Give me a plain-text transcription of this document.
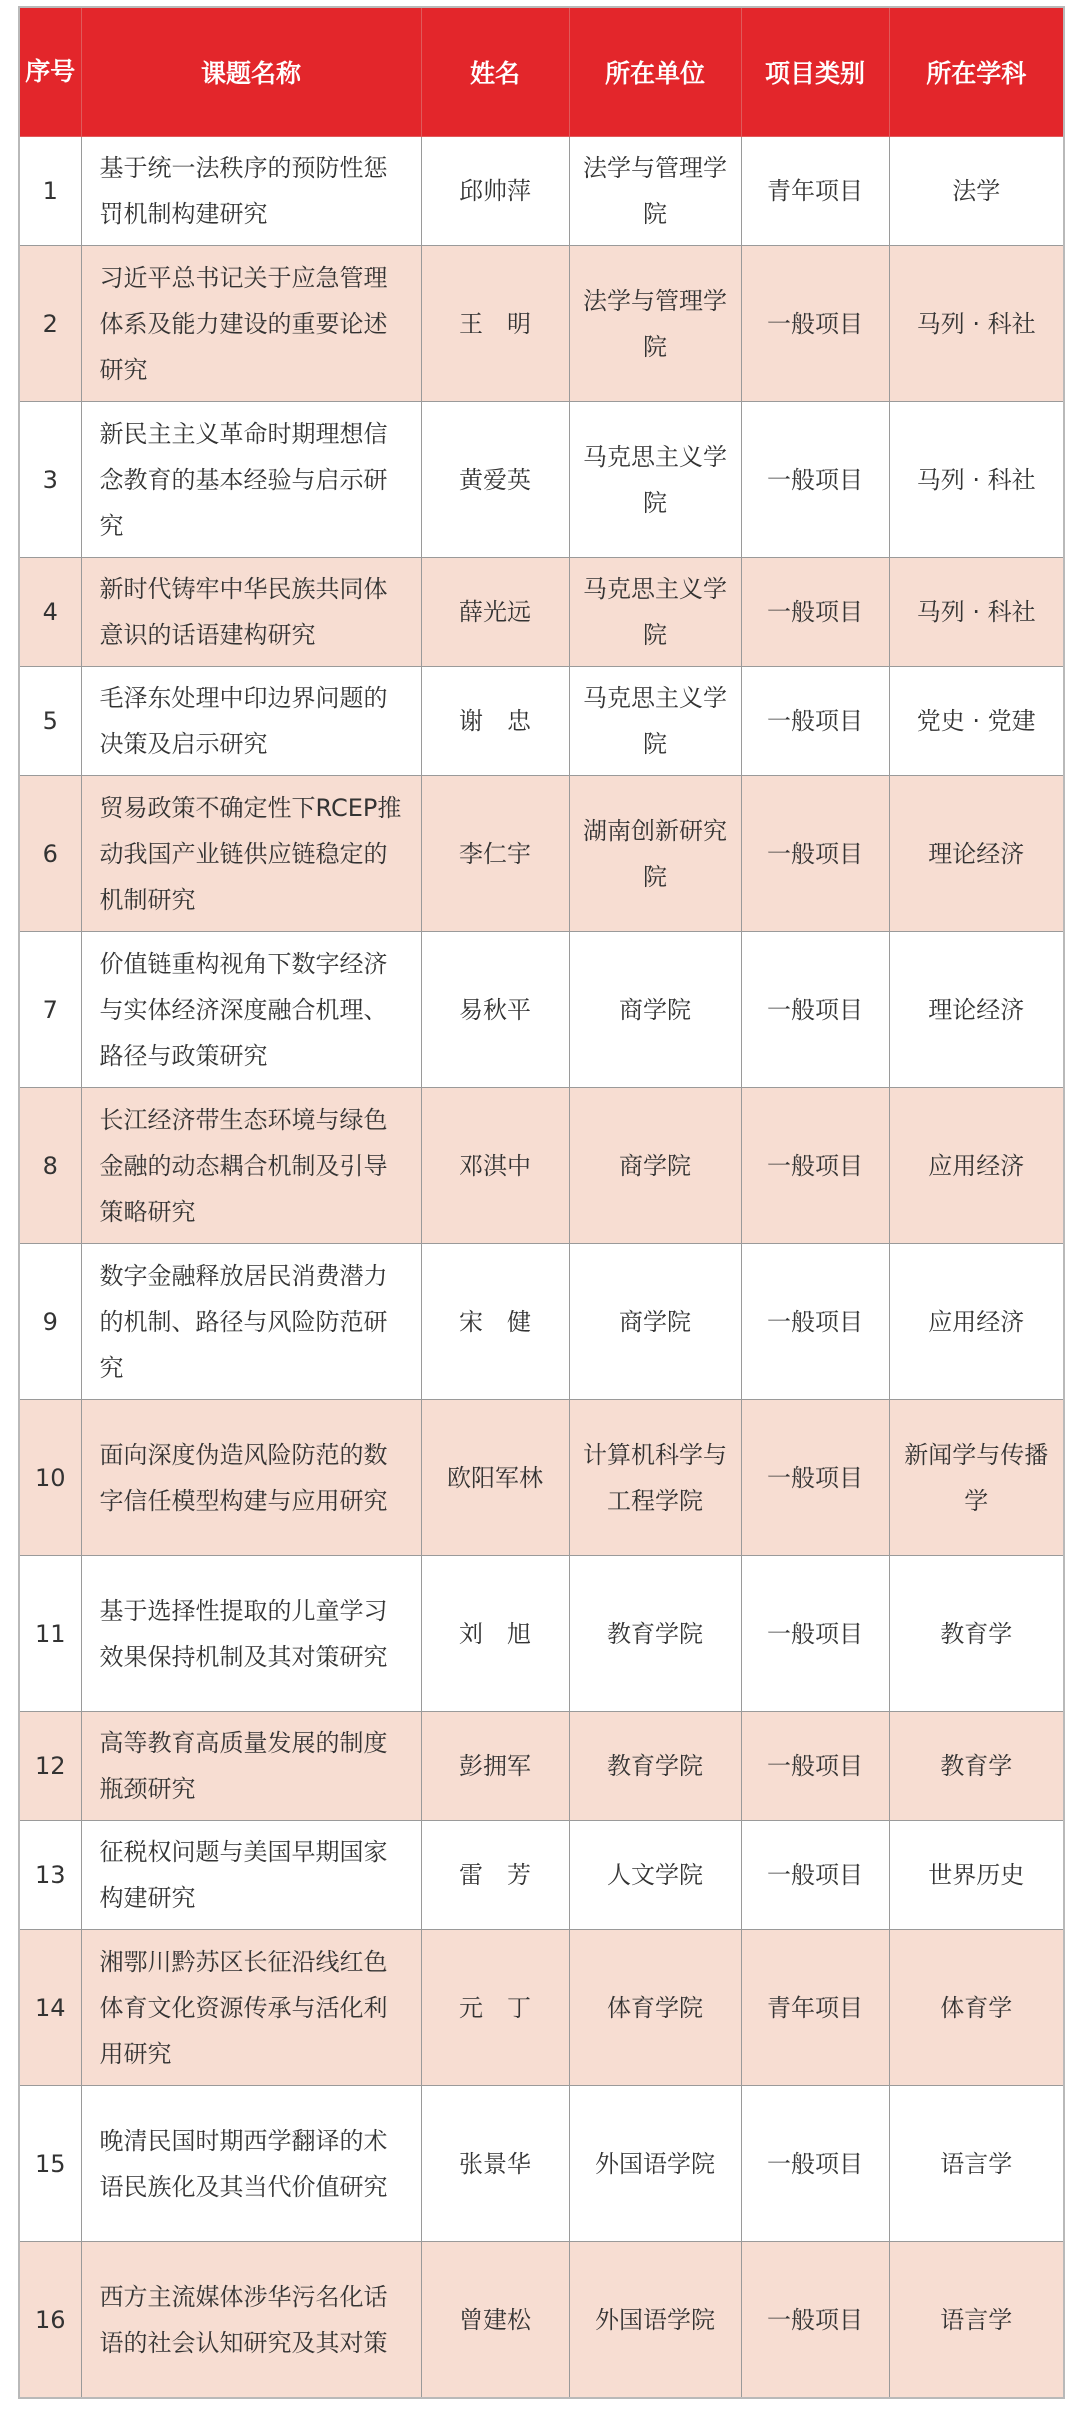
序号	课题名称	姓名	所在单位	项目类别	所在学科
1	基于统一法秩序的预防性惩罚机制构建研究	邱帅萍	法学与管理学院	青年项目	法学
2	习近平总书记关于应急管理体系及能力建设的重要论述研究	王　明	法学与管理学院	一般项目	马列 · 科社
3	新民主主义革命时期理想信念教育的基本经验与启示研究	黄爱英	马克思主义学院	一般项目	马列 · 科社
4	新时代铸牢中华民族共同体意识的话语建构研究	薛光远	马克思主义学院	一般项目	马列 · 科社
5	毛泽东处理中印边界问题的决策及启示研究	谢　忠	马克思主义学院	一般项目	党史 · 党建
6	贸易政策不确定性下RCEP推动我国产业链供应链稳定的机制研究	李仁宇	湖南创新研究院	一般项目	理论经济
7	价值链重构视角下数字经济与实体经济深度融合机理、路径与政策研究	易秋平	商学院	一般项目	理论经济
8	长江经济带生态环境与绿色金融的动态耦合机制及引导策略研究	邓淇中	商学院	一般项目	应用经济
9	数字金融释放居民消费潜力的机制、路径与风险防范研究	宋　健	商学院	一般项目	应用经济
10	面向深度伪造风险防范的数字信任模型构建与应用研究	欧阳军林	计算机科学与工程学院	一般项目	新闻学与传播学
11	基于选择性提取的儿童学习效果保持机制及其对策研究	刘　旭	教育学院	一般项目	教育学
12	高等教育高质量发展的制度瓶颈研究	彭拥军	教育学院	一般项目	教育学
13	征税权问题与美国早期国家构建研究	雷　芳	人文学院	一般项目	世界历史
14	湘鄂川黔苏区长征沿线红色体育文化资源传承与活化利用研究	元　丁	体育学院	青年项目	体育学
15	晚清民国时期西学翻译的术语民族化及其当代价值研究	张景华	外国语学院	一般项目	语言学
16	西方主流媒体涉华污名化话语的社会认知研究及其对策	曾建松	外国语学院	一般项目	语言学
